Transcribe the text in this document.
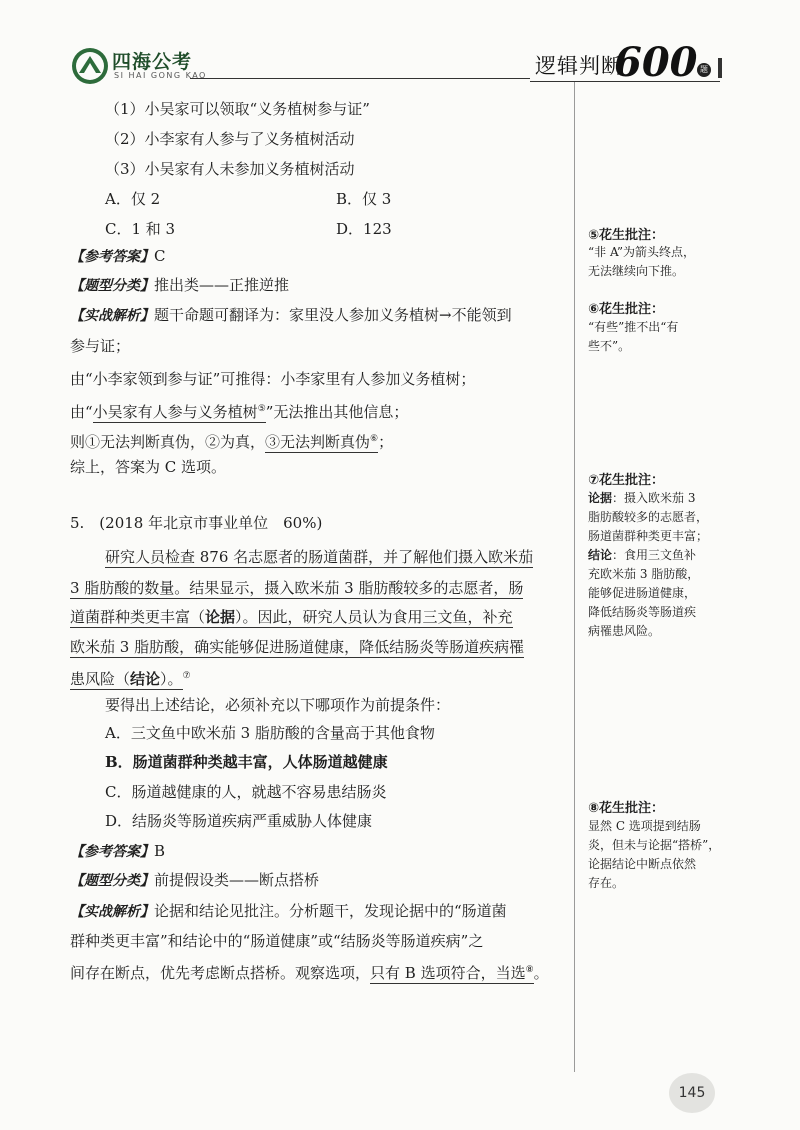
四海公考
SI HAI GONG KAO	逻辑判断
600 题
（1）小吴家可以领取“义务植树参与证”
（2）小李家有人参与了义务植树活动
（3）小吴家有人未参加义务植树活动
A．仅 2	B．仅 3
C．1 和 3	D．123
【参考答案】C
【题型分类】推出类——正推逆推
【实战解析】题干命题可翻译为：家里没人参加义务植树→不能领到
参与证；
由“小李家领到参与证”可推得：小李家里有人参加义务植树；
由“小吴家有人参与义务植树⑤”无法推出其他信息；
则①无法判断真伪，②为真，③无法判断真伪⑥；
综上，答案为 C 选项。
5.　(2018 年北京市事业单位　60%)
研究人员检查 876 名志愿者的肠道菌群，并了解他们摄入欧米茄
3 脂肪酸的数量。结果显示，摄入欧米茄 3 脂肪酸较多的志愿者，肠
道菌群种类更丰富（论据）。因此，研究人员认为食用三文鱼，补充
欧米茄 3 脂肪酸，确实能够促进肠道健康，降低结肠炎等肠道疾病罹
患风险（结论）。⑦
要得出上述结论，必须补充以下哪项作为前提条件：
A．三文鱼中欧米茄 3 脂肪酸的含量高于其他食物
B．肠道菌群种类越丰富，人体肠道越健康
C．肠道越健康的人，就越不容易患结肠炎
D．结肠炎等肠道疾病严重威胁人体健康
【参考答案】B
【题型分类】前提假设类——断点搭桥
【实战解析】论据和结论见批注。分析题干，发现论据中的“肠道菌
群种类更丰富”和结论中的“肠道健康”或“结肠炎等肠道疾病”之
间存在断点，优先考虑断点搭桥。观察选项，只有 B 选项符合，当选⑧。
⑤花生批注：
“非 A”为箭头终点，
无法继续向下推。
⑥花生批注：
“有些”推不出“有
些不”。
⑦花生批注：
论据：摄入欧米茄 3
脂肪酸较多的志愿者，
肠道菌群种类更丰富；
结论：食用三文鱼补
充欧米茄 3 脂肪酸，
能够促进肠道健康，
降低结肠炎等肠道疾
病罹患风险。
⑧花生批注：
显然 C 选项提到结肠
炎，但未与论据“搭桥”，
论据结论中断点依然
存在。
145
